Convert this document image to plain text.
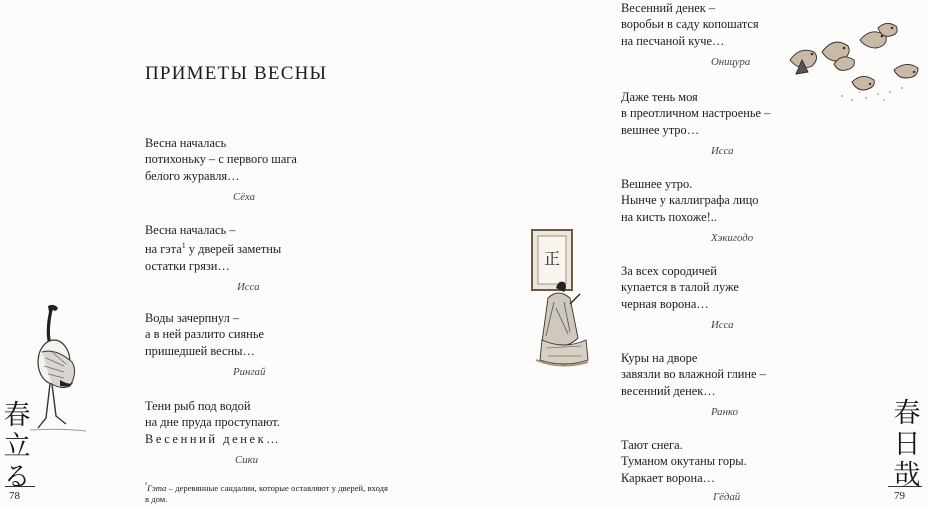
ПРИМЕТЫ ВЕСНЫ
Весна началась
потихоньку – с первого шага
белого журавля…
Сёха
Весна началась –
на гэта$^1$ у дверей заметны
остатки грязи…
Исса
Воды зачерпнул –
а в ней разлито сиянье
пришедшей весны…
Рингай
Тени рыб под водой
на дне пруда проступают.
Весенний денек…
Сики
$^{^1}$Гэта – деревянные сандалии, которые оставляют у дверей, входя в дом.
春
立
る
78
Весенний денек –
воробьи в саду копошатся
на песчаной куче…
Оницура
Даже тень моя
в преотличном настроенье –
вешнее утро…
Исса
Вешнее утро.
Нынче у каллиграфа лицо
на кисть похоже!..
Хэкигодо
За всех сородичей
купается в талой луже
черная ворона…
Исса
Куры на дворе
завязли во влажной глине –
весенний денек…
Ранко
Тают снега.
Туманом окутаны горы.
Каркает ворона…
Гёдай
正
春
日
哉
79
